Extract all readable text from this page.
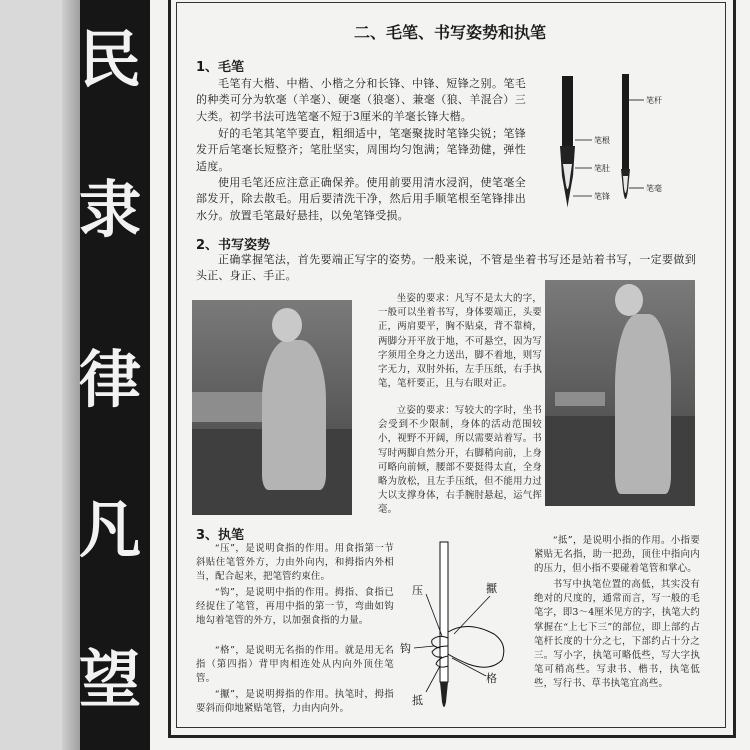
民
隶
律
凡
望
二、毛笔、书写姿势和执笔
1、毛笔
毛笔有大楷、中楷、小楷之分和长锋、中锋、短锋之别。笔毛的种类可分为软毫（羊毫）、硬毫（狼毫）、兼毫（狼、羊混合）三大类。初学书法可选笔毫不短于3厘米的羊毫长锋大楷。
好的毛笔其笔竿要直，粗细适中，笔毫聚拢时笔锋尖锐；笔锋发开后笔毫长短整齐；笔肚坚实，周围均匀饱满；笔锋劲健，弹性适度。
使用毛笔还应注意正确保养。使用前要用清水浸润，使笔毫全部发开，除去散毛。用后要清洗干净，然后用手顺笔根至笔锋排出水分。放置毛笔最好悬挂，以免笔锋受损。
笔杆
笔根
笔肚
笔锋
笔毫
2、书写姿势
正确掌握笔法，首先要端正写字的姿势。一般来说，不管是坐着书写还是站着书写，一定要做到头正、身正、手正。
坐姿的要求：凡写不是太大的字，一般可以坐着书写，身体要端正，头要正，两肩要平，胸不贴桌，背不靠椅，两脚分开平放于地，不可悬空，因为写字须用全身之力送出，脚不着地，则写字无力，双肘外拓，左手压纸，右手执笔，笔杆要正，且与右眼对正。
立姿的要求：写较大的字时，坐书会受到不少限制，身体的活动范围较小，视野不开阔，所以需要站着写。书写时两脚自然分开，右脚稍向前，上身可略向前倾，腰部不要挺得太直，全身略为放松，且左手压纸，但不能用力过大以支撑身体，右手腕肘悬起，运气挥毫。
3、执笔
“压”，是说明食指的作用。用食指第一节斜贴住笔管外方，力由外向内，和拇指内外相当，配合起来，把笔管约束住。
“钩”，是说明中指的作用。拇指、食指已经捉住了笔管，再用中指的第一节，弯曲如钩地勾着笔管的外方，以加强食指的力量。
“格”，是说明无名指的作用。就是用无名指（第四指）背甲肉相连处从内向外顶住笔管。
“擫”，是说明拇指的作用。执笔时，拇指要斜而仰地紧贴笔管，力由内向外。
压	擫
钩
格
抵
“抵”，是说明小指的作用。小指要紧贴无名指，助一把劲，顶住中指向内的压力，但小指不要碰着笔管和掌心。
书写中执笔位置的高低，其实没有绝对的尺度的，通常而言，写一般的毛笔字，即3～4厘米见方的字，执笔大约掌握在“上七下三”的部位，即上部约占笔杆长度的十分之七，下部约占十分之三。写小字，执笔可略低些，写大字执笔可稍高些。写隶书、楷书，执笔低些，写行书、草书执笔宜高些。
